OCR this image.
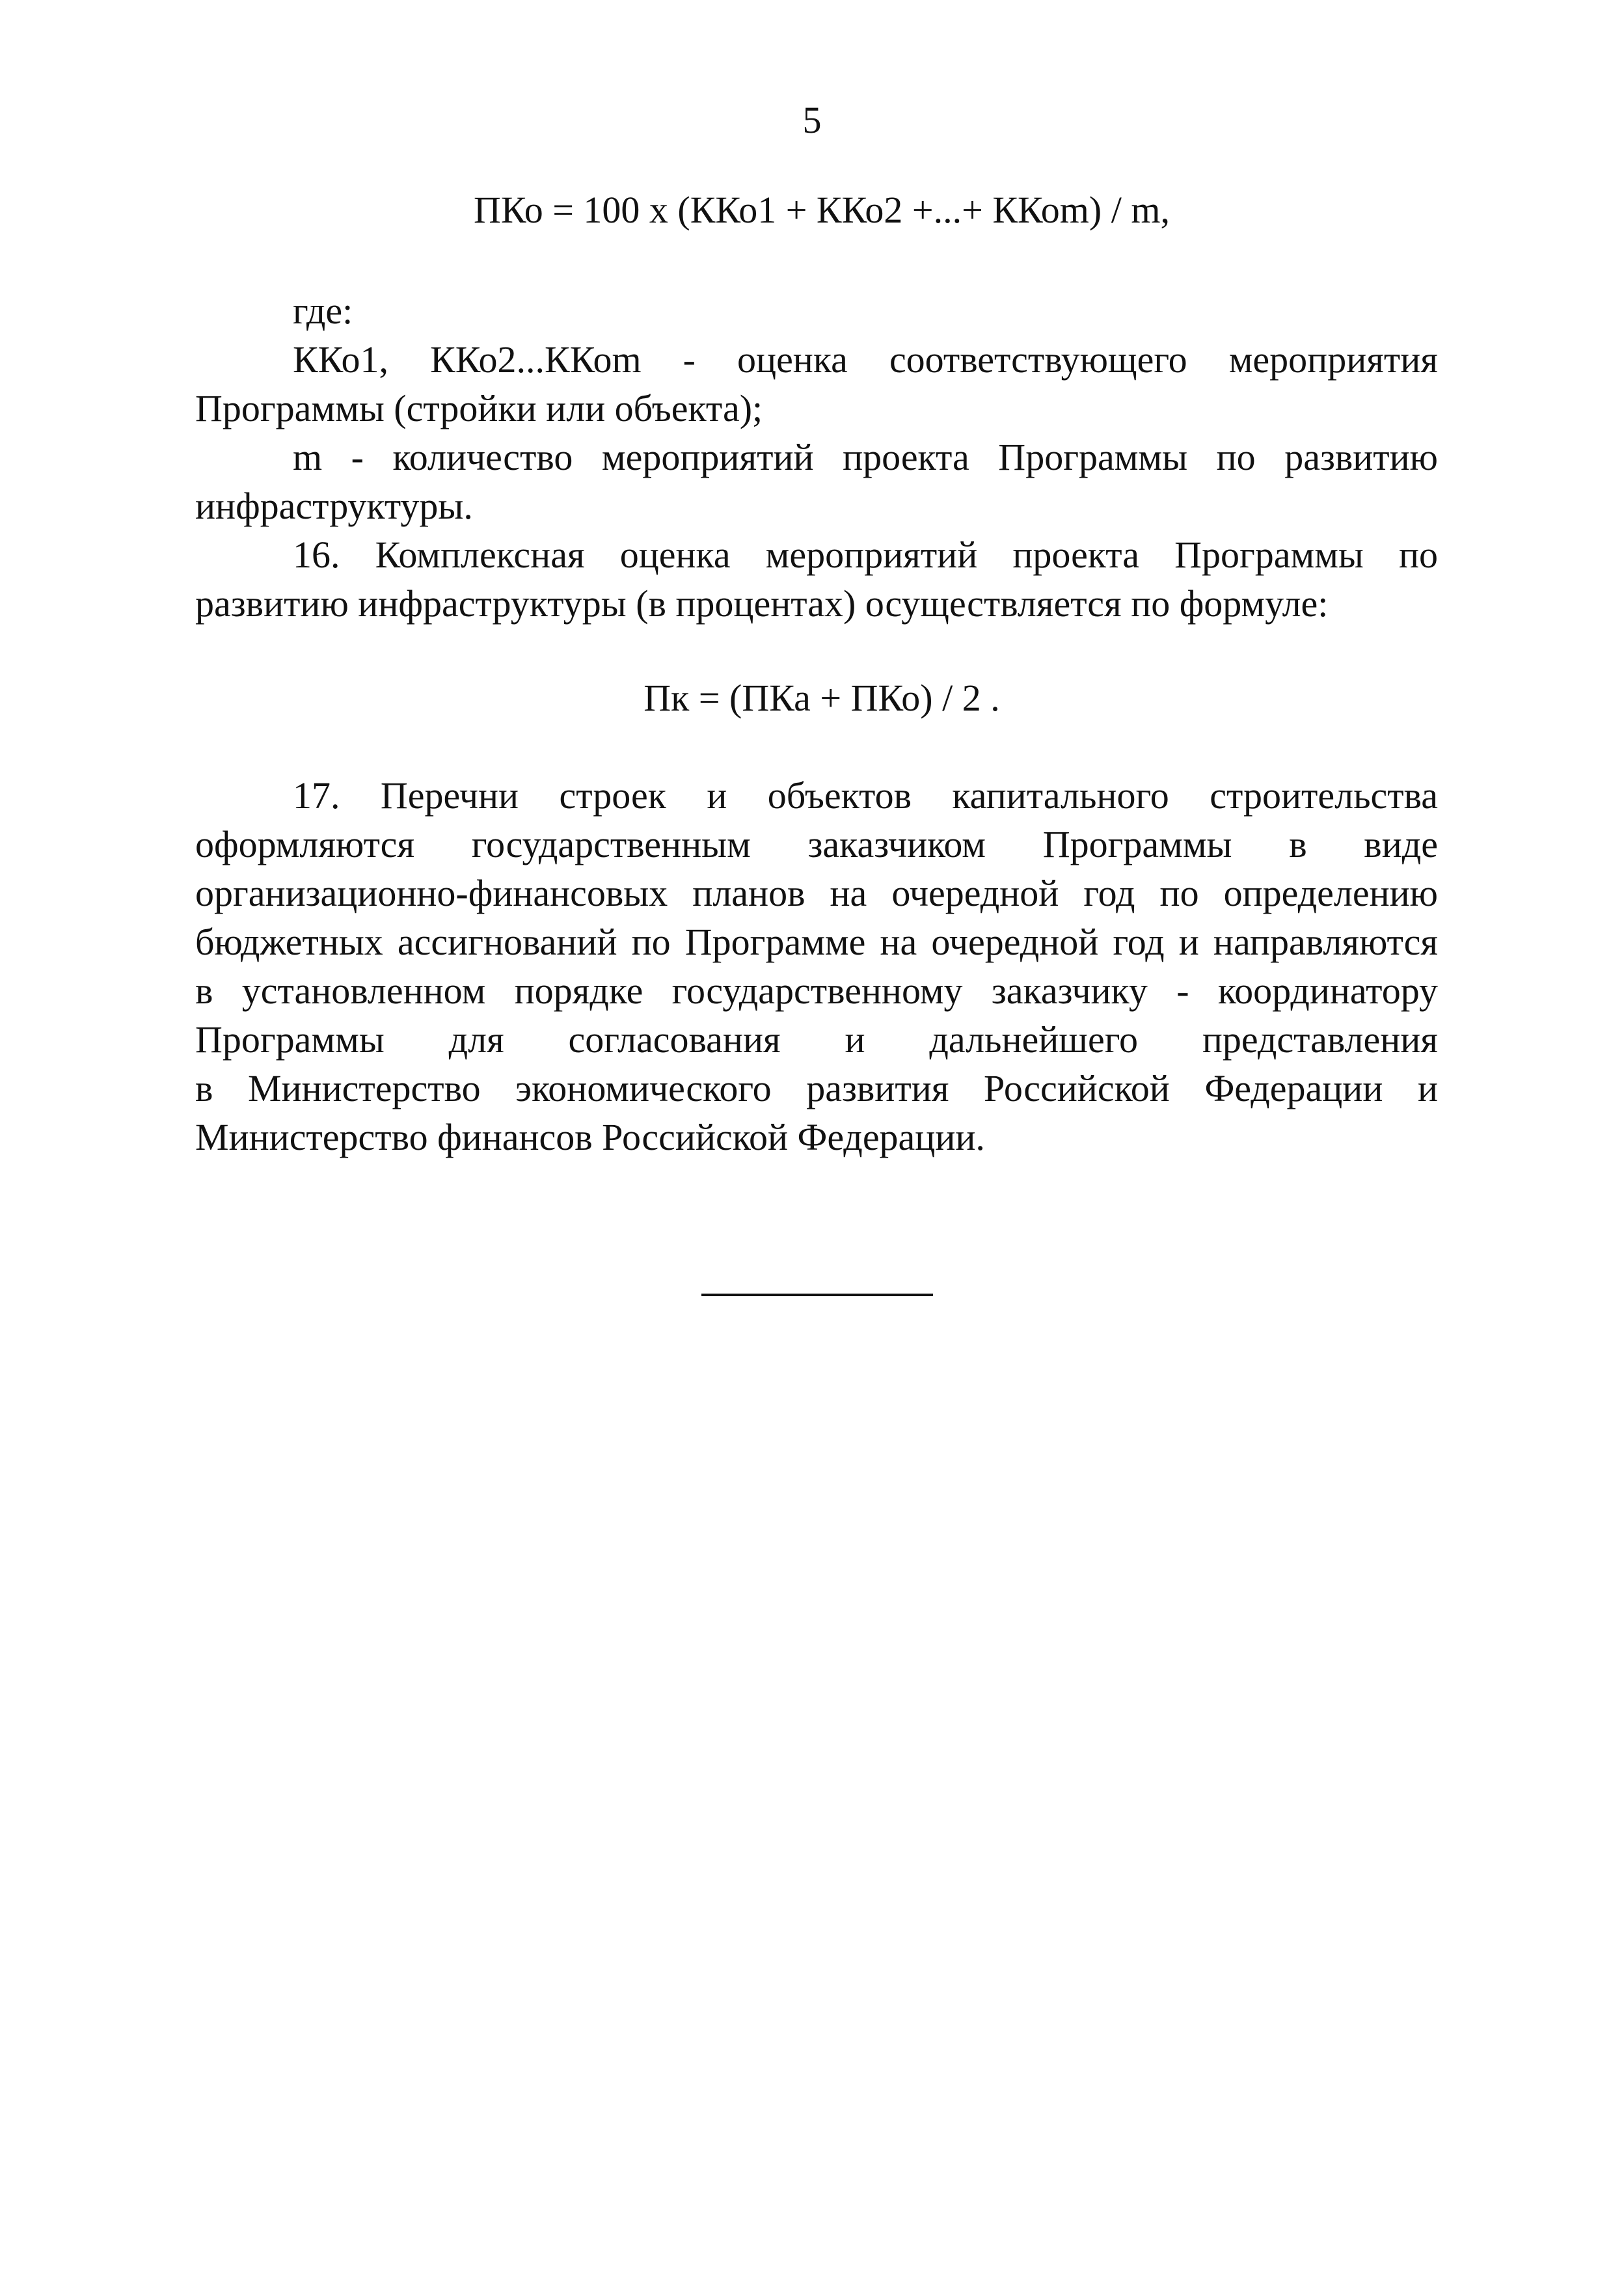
5
ПКо = 100 х (ККо1 + ККо2 +...+ ККоm) / m,
где:
ККо1, ККо2...ККоm - оценка соответствующего мероприятия
Программы (стройки или объекта);
m - количество мероприятий проекта Программы по развитию
инфраструктуры.
16. Комплексная оценка мероприятий проекта Программы по
развитию инфраструктуры (в процентах) осуществляется по формуле:
Пк = (ПКа + ПКо) / 2 .
17. Перечни строек и объектов капитального строительства
оформляются государственным заказчиком Программы в виде
организационно-финансовых планов на очередной год по определению
бюджетных ассигнований по Программе на очередной год и направляются
в установленном порядке государственному заказчику - координатору
Программы для согласования и дальнейшего представления
в Министерство экономического развития Российской Федерации и
Министерство финансов Российской Федерации.
